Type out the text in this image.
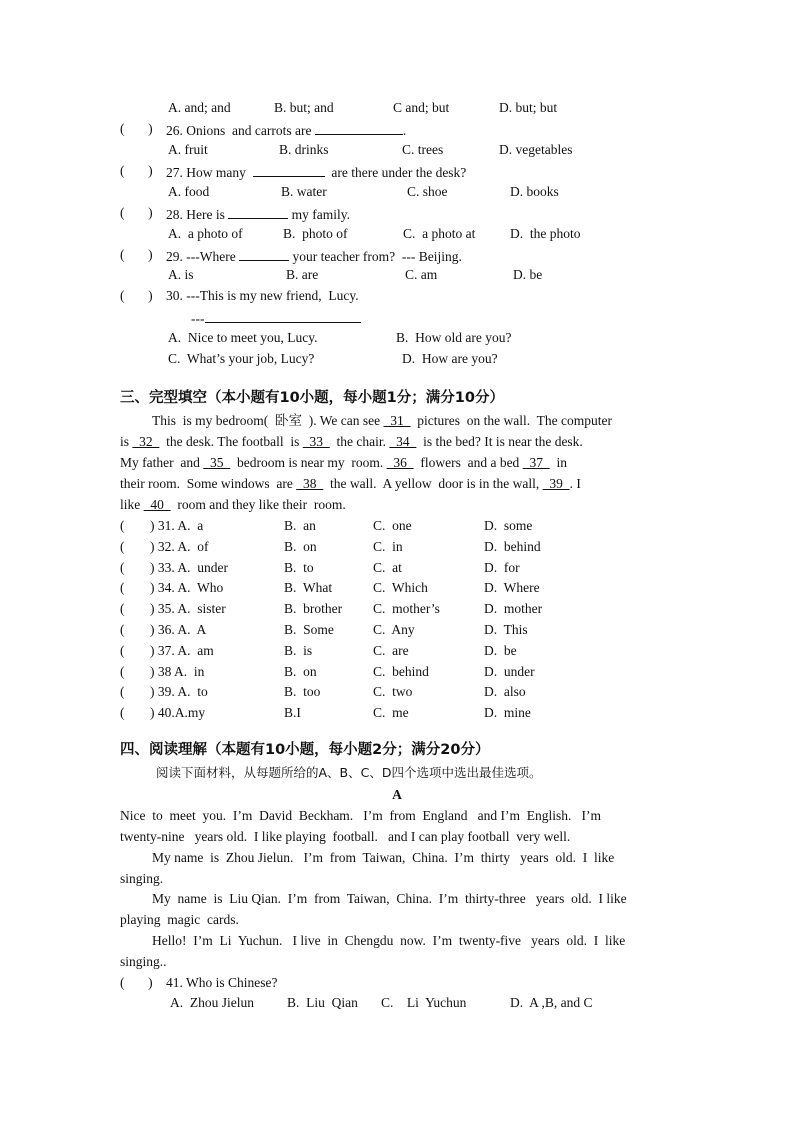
A. and; and	B. but; and	C and; but	D. but; but
(       ) 26. Onions  and carrots are	.
A. fruit	B. drinks	C. trees	D. vegetables
(       ) 27. How many	are there under the desk?
A. food	B. water	C. shoe	D. books
(       ) 28. Here is	my family.
A.  a photo of	B.  photo of	C.  a photo at	D.  the photo
(       ) 29. ---Where	your teacher from?  --- Beijing.
A. is	B. are	C. am	D. be
(       ) 30. ---This is my new friend,  Lucy.
---
A.  Nice to meet you, Lucy.	B.  How old are you?
C.  What’s your job, Lucy?	D.  How are you?
三、完型填空（本小题有10小题，每小题1分；满分10分）
This  is my bedroom(  卧室  ). We can see   31    pictures  on the wall.  The computer
is   32    the desk. The football  is   33    the chair.   34    is the bed? It is near the desk.
My father  and   35    bedroom is near my  room.   36    flowers  and a bed   37    in
their room.  Some windows  are   38    the wall.  A yellow  door is in the wall,   39  . I
like   40    room and they like their  room.
( ) 31. A.  a	B.  an	C.  one	D.  some
( ) 32. A.  of	B.  on	C.  in	D.  behind
( ) 33. A.  under	B.  to	C.  at	D.  for
( ) 34. A.  Who	B.  What	C.  Which	D.  Where
( ) 35. A.  sister	B.  brother C.  mother’s	D.  mother
( ) 36. A.  A	B.  Some	C.  Any	D.  This
( ) 37. A.  am	B.  is	C.  are	D.  be
( ) 38 A.  in	B.  on	C.  behind	D.  under
( ) 39. A.  to	B.  too	C.  two	D.  also
( ) 40.A.my	B.I	C.  me	D.  mine
四、阅读理解（本题有10小题，每小题2分；满分20分）
阅读下面材料，从每题所给的A、B、C、D四个选项中选出最佳选项。
A
Nice  to  meet  you.  I’m  David  Beckham.   I’m  from  England   and I’m  English.   I’m
twenty-nine   years old.  I like playing  football.   and I can play football  very well.
My name  is  Zhou Jielun.   I’m  from  Taiwan,  China.  I’m  thirty   years  old.  I  like
singing.
My  name  is  Liu Qian.  I’m  from  Taiwan,  China.  I’m  thirty-three   years  old.  I like
playing  magic  cards.
Hello!  I’m  Li  Yuchun.   I live  in  Chengdu  now.  I’m  twenty-five   years  old.  I  like
singing..
(       ) 41. Who is Chinese?
A.  Zhou Jielun B.  Liu  Qian C.    Li  Yuchun	D.  A ,B, and C
